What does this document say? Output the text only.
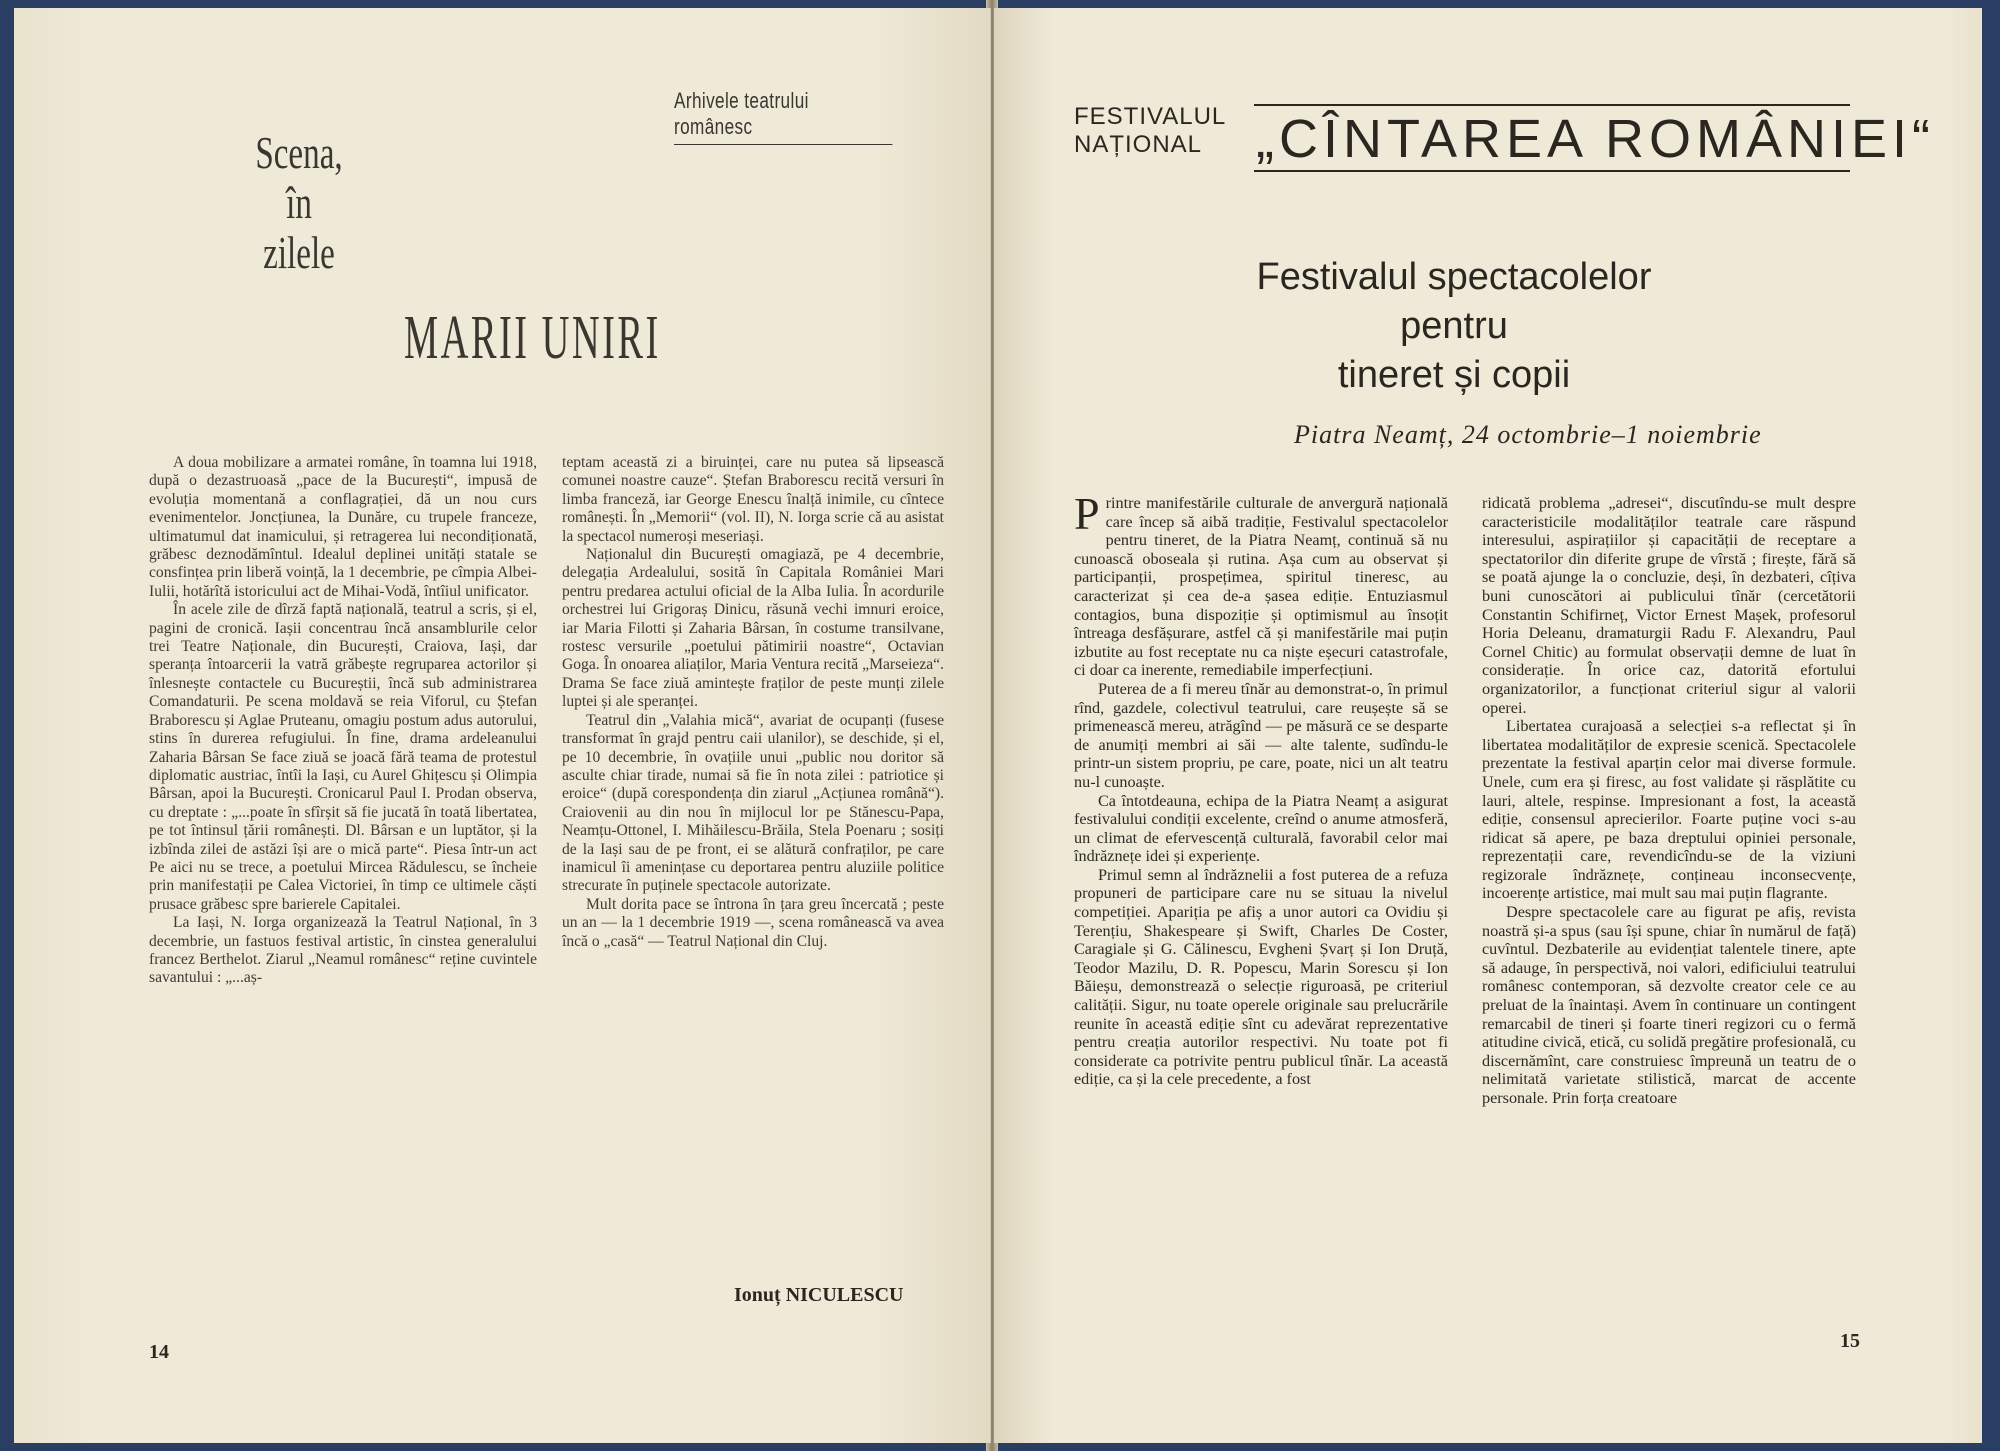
Arhivele teatrului românesc
Scena,
în
zilele
MARII UNIRI

A doua mobilizare a armatei române, în toamna lui 1918, după o dezastruoasă „pace de la București“, impusă de evoluția momentană a conflagrației, dă un nou curs evenimentelor. Joncțiunea, la Dunăre, cu trupele franceze, ultimatumul dat inamicului, și retragerea lui necondiționată, grăbesc deznodămîntul. Idealul deplinei unități statale se consfințea prin liberă voință, la 1 decembrie, pe cîmpia Albei-Iulii, hotărîtă istoricului act de Mihai-Vodă, întîiul unificator.

În acele zile de dîrză faptă națională, teatrul a scris, și el, pagini de cronică. Iașii concentrau încă ansamblurile celor trei Teatre Naționale, din București, Craiova, Iași, dar speranța întoarcerii la vatră grăbește regruparea actorilor și înlesnește contactele cu Bucureștii, încă sub administrarea Comandaturii. Pe scena moldavă se reia Viforul, cu Ștefan Braborescu și Aglae Pruteanu, omagiu postum adus autorului, stins în durerea refugiului. În fine, drama ardeleanului Zaharia Bârsan Se face ziuă se joacă fără teama de protestul diplomatic austriac, întîi la Iași, cu Aurel Ghițescu și Olimpia Bârsan, apoi la București. Cronicarul Paul I. Prodan observa, cu dreptate : „...poate în sfîrșit să fie jucată în toată libertatea, pe tot întinsul țării românești. Dl. Bârsan e un luptător, și la izbînda zilei de astăzi își are o mică parte“. Piesa într-un act Pe aici nu se trece, a poetului Mircea Rădulescu, se încheie prin manifestații pe Calea Victoriei, în timp ce ultimele căști prusace grăbesc spre barierele Capitalei.

La Iași, N. Iorga organizează la Teatrul Național, în 3 decembrie, un fastuos festival artistic, în cinstea generalului francez Berthelot. Ziarul „Neamul românesc“ reține cuvintele savantului : „...aș-

teptam această zi a biruinței, care nu putea să lipsească comunei noastre cauze“. Ștefan Braborescu recită versuri în limba franceză, iar George Enescu înalță inimile, cu cîntece românești. În „Memorii“ (vol. II), N. Iorga scrie că au asistat la spectacol numeroși meseriași.

Naționalul din București omagiază, pe 4 decembrie, delegația Ardealului, sosită în Capitala României Mari pentru predarea actului oficial de la Alba Iulia. În acordurile orchestrei lui Grigoraș Dinicu, răsună vechi imnuri eroice, iar Maria Filotti și Zaharia Bârsan, în costume transilvane, rostesc versurile „poetului pătimirii noastre“, Octavian Goga. În onoarea aliaților, Maria Ventura recită „Marseieza“. Drama Se face ziuă amintește fraților de peste munți zilele luptei și ale speranței.

Teatrul din „Valahia mică“, avariat de ocupanți (fusese transformat în grajd pentru caii ulanilor), se deschide, și el, pe 10 decembrie, în ovațiile unui „public nou doritor să asculte chiar tirade, numai să fie în nota zilei : patriotice și eroice“ (după corespondența din ziarul „Acțiunea română“). Craiovenii au din nou în mijlocul lor pe Stănescu-Papa, Neamțu-Ottonel, I. Mihăilescu-Brăila, Stela Poenaru ; sosiți de la Iași sau de pe front, ei se alătură confraților, pe care inamicul îi amenințase cu deportarea pentru aluziile politice strecurate în puținele spectacole autorizate.

Mult dorita pace se întrona în țara greu încercată ; peste un an — la 1 decembrie 1919 —, scena românească va avea încă o „casă“ — Teatrul Național din Cluj.

Ionuț NICULESCU
14
FESTIVALUL
NAȚIONAL „CÎNTAREA ROMÂNIEI“
Festivalul spectacolelor
pentru
tineret și copii
Piatra Neamț, 24 octombrie–1 noiembrie

Printre manifestările culturale de anvergură națională care încep să aibă tradiție, Festivalul spectacolelor pentru tineret, de la Piatra Neamț, continuă să nu cunoască oboseala și rutina. Așa cum au observat și participanții, prospețimea, spiritul tineresc, au caracterizat și cea de-a șasea ediție. Entuziasmul contagios, buna dispoziție și optimismul au însoțit întreaga desfășurare, astfel că și manifestările mai puțin izbutite au fost receptate nu ca niște eșecuri catastrofale, ci doar ca inerente, remediabile imperfecțiuni.

Puterea de a fi mereu tînăr au demonstrat-o, în primul rînd, gazdele, colectivul teatrului, care reușește să se primenească mereu, atrăgînd — pe măsură ce se desparte de anumiți membri ai săi — alte talente, sudîndu-le printr-un sistem propriu, pe care, poate, nici un alt teatru nu-l cunoaște.

Ca întotdeauna, echipa de la Piatra Neamț a asigurat festivalului condiții excelente, creînd o anume atmosferă, un climat de efervescență culturală, favorabil celor mai îndrăznețe idei și experiențe.

Primul semn al îndrăznelii a fost puterea de a refuza propuneri de participare care nu se situau la nivelul competiției. Apariția pe afiș a unor autori ca Ovidiu și Terențiu, Shakespeare și Swift, Charles De Coster, Caragiale și G. Călinescu, Evgheni Șvarț și Ion Druță, Teodor Mazilu, D. R. Popescu, Marin Sorescu și Ion Băieșu, demonstrează o selecție riguroasă, pe criteriul calității. Sigur, nu toate operele originale sau prelucrările reunite în această ediție sînt cu adevărat reprezentative pentru creația autorilor respectivi. Nu toate pot fi considerate ca potrivite pentru publicul tînăr. La această ediție, ca și la cele precedente, a fost

ridicată problema „adresei“, discutîndu-se mult despre caracteristicile modalităților teatrale care răspund interesului, aspirațiilor și capacității de receptare a spectatorilor din diferite grupe de vîrstă ; firește, fără să se poată ajunge la o concluzie, deși, în dezbateri, cîțiva buni cunoscători ai publicului tînăr (cercetătorii Constantin Schifirneț, Victor Ernest Mașek, profesorul Horia Deleanu, dramaturgii Radu F. Alexandru, Paul Cornel Chitic) au formulat observații demne de luat în considerație. În orice caz, datorită efortului organizatorilor, a funcționat criteriul sigur al valorii operei.

Libertatea curajoasă a selecției s-a reflectat și în libertatea modalităților de expresie scenică. Spectacolele prezentate la festival aparțin celor mai diverse formule. Unele, cum era și firesc, au fost validate și răsplătite cu lauri, altele, respinse. Impresionant a fost, la această ediție, consensul aprecierilor. Foarte puține voci s-au ridicat să apere, pe baza dreptului opiniei personale, reprezentații care, revendicîndu-se de la viziuni regizorale îndrăznețe, conțineau inconsecvențe, incoerențe artistice, mai mult sau mai puțin flagrante.

Despre spectacolele care au figurat pe afiș, revista noastră și-a spus (sau își spune, chiar în numărul de față) cuvîntul. Dezbaterile au evidențiat talentele tinere, apte să adauge, în perspectivă, noi valori, edificiului teatrului românesc contemporan, să dezvolte creator cele ce au preluat de la înaintași. Avem în continuare un contingent remarcabil de tineri și foarte tineri regizori cu o fermă atitudine civică, etică, cu solidă pregătire profesională, cu discernămînt, care construiesc împreună un teatru de o nelimitată varietate stilistică, marcat de accente personale. Prin forța creatoare

15
